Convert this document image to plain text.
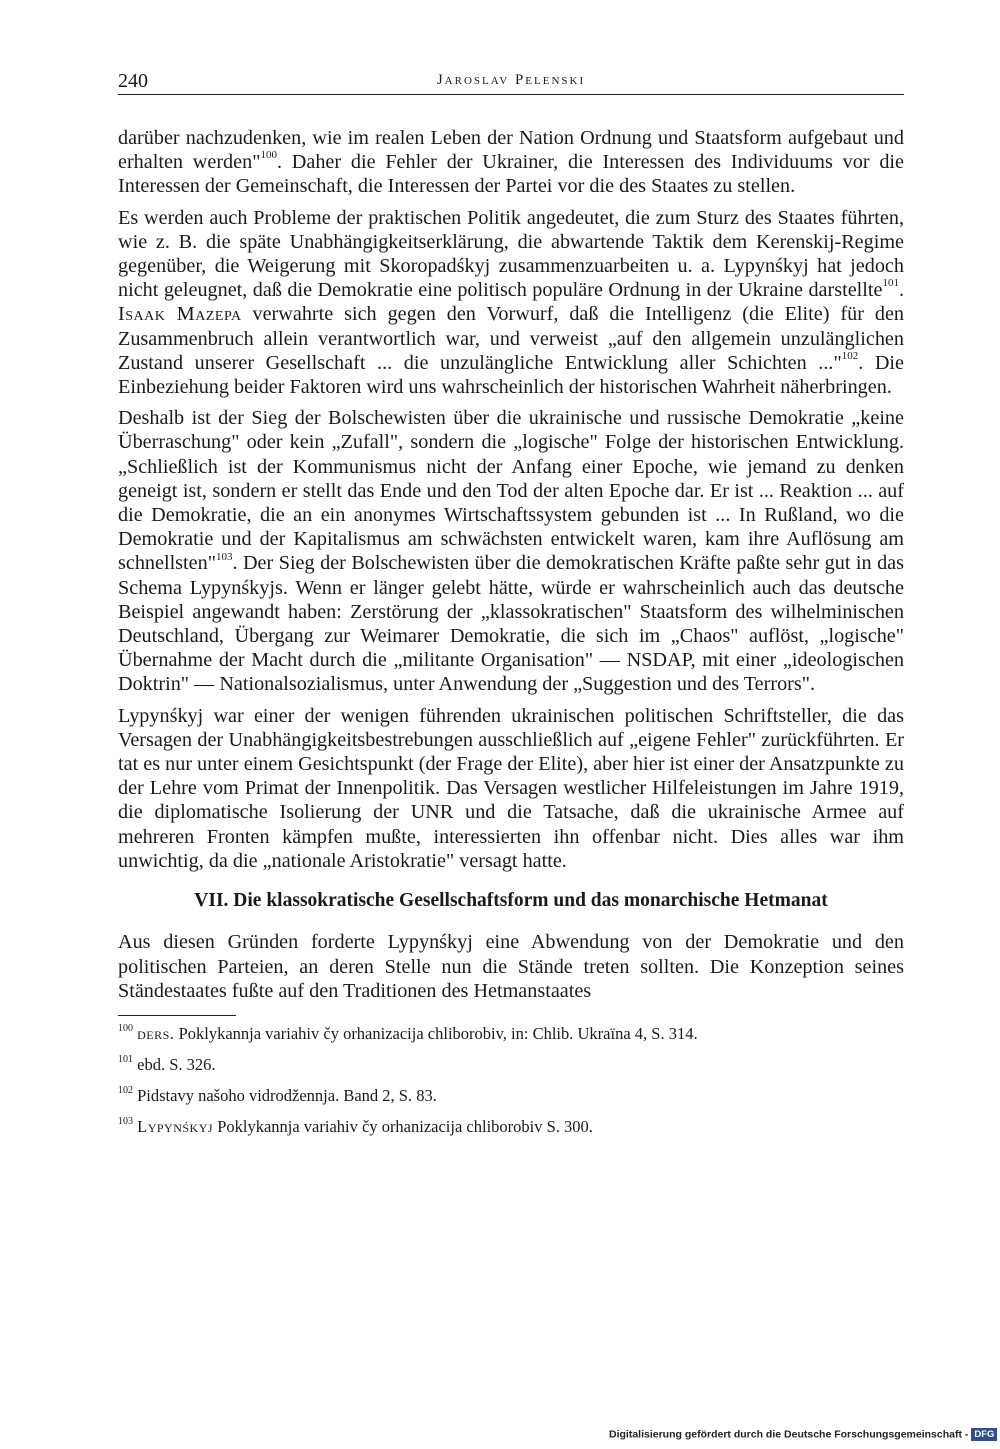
240	Jaroslav Pelenski

darüber nachzudenken, wie im realen Leben der Nation Ordnung und Staatsform aufgebaut und erhalten werden"$^{100}$. Daher die Fehler der Ukrainer, die Interessen des Individuums vor die Interessen der Gemeinschaft, die Interessen der Partei vor die des Staates zu stellen.

Es werden auch Probleme der praktischen Politik angedeutet, die zum Sturz des Staates führten, wie z. B. die späte Unabhängigkeitserklärung, die abwartende Taktik dem Kerenskij-Regime gegenüber, die Weigerung mit Skoropadśkyj zusammenzuarbeiten u. a. Lypynśkyj hat jedoch nicht geleugnet, daß die Demokratie eine politisch populäre Ordnung in der Ukraine darstellte$^{101}$. Isaak Mazepa verwahrte sich gegen den Vorwurf, daß die Intelligenz (die Elite) für den Zusammenbruch allein verantwortlich war, und verweist „auf den allgemein unzulänglichen Zustand unserer Gesellschaft ... die unzulängliche Entwicklung aller Schichten ..."$^{102}$. Die Einbeziehung beider Faktoren wird uns wahrscheinlich der historischen Wahrheit näherbringen.

Deshalb ist der Sieg der Bolschewisten über die ukrainische und russische Demokratie „keine Überraschung" oder kein „Zufall", sondern die „logische" Folge der historischen Entwicklung. „Schließlich ist der Kommunismus nicht der Anfang einer Epoche, wie jemand zu denken geneigt ist, sondern er stellt das Ende und den Tod der alten Epoche dar. Er ist ... Reaktion ... auf die Demokratie, die an ein anonymes Wirtschaftssystem gebunden ist ... In Rußland, wo die Demokratie und der Kapitalismus am schwächsten entwickelt waren, kam ihre Auflösung am schnellsten"$^{103}$. Der Sieg der Bolschewisten über die demokratischen Kräfte paßte sehr gut in das Schema Lypynśkyjs. Wenn er länger gelebt hätte, würde er wahrscheinlich auch das deutsche Beispiel angewandt haben: Zerstörung der „klassokratischen" Staatsform des wilhelminischen Deutschland, Übergang zur Weimarer Demokratie, die sich im „Chaos" auflöst, „logische" Übernahme der Macht durch die „militante Organisation" — NSDAP, mit einer „ideologischen Doktrin" — Nationalsozialismus, unter Anwendung der „Suggestion und des Terrors".

Lypynśkyj war einer der wenigen führenden ukrainischen politischen Schriftsteller, die das Versagen der Unabhängigkeitsbestrebungen ausschließlich auf „eigene Fehler" zurückführten. Er tat es nur unter einem Gesichtspunkt (der Frage der Elite), aber hier ist einer der Ansatzpunkte zu der Lehre vom Primat der Innenpolitik. Das Versagen westlicher Hilfeleistungen im Jahre 1919, die diplomatische Isolierung der UNR und die Tatsache, daß die ukrainische Armee auf mehreren Fronten kämpfen mußte, interessierten ihn offenbar nicht. Dies alles war ihm unwichtig, da die „nationale Aristokratie" versagt hatte.

VII. Die klassokratische Gesellschaftsform und das monarchische Hetmanat

Aus diesen Gründen forderte Lypynśkyj eine Abwendung von der Demokratie und den politischen Parteien, an deren Stelle nun die Stände treten sollten. Die Konzeption seines Ständestaates fußte auf den Traditionen des Hetmanstaates

$^{100}$ ders. Poklykannja variahiv čy orhanizacija chliborobiv, in: Chlib. Ukraïna 4, S. 314.

$^{101}$ ebd. S. 326.

$^{102}$ Pidstavy našoho vidrodžennja. Band 2, S. 83.

$^{103}$ Lypynśkyj Poklykannja variahiv čy orhanizacija chliborobiv S. 300.

Digitalisierung gefördert durch die Deutsche Forschungsgemeinschaft - DFG
